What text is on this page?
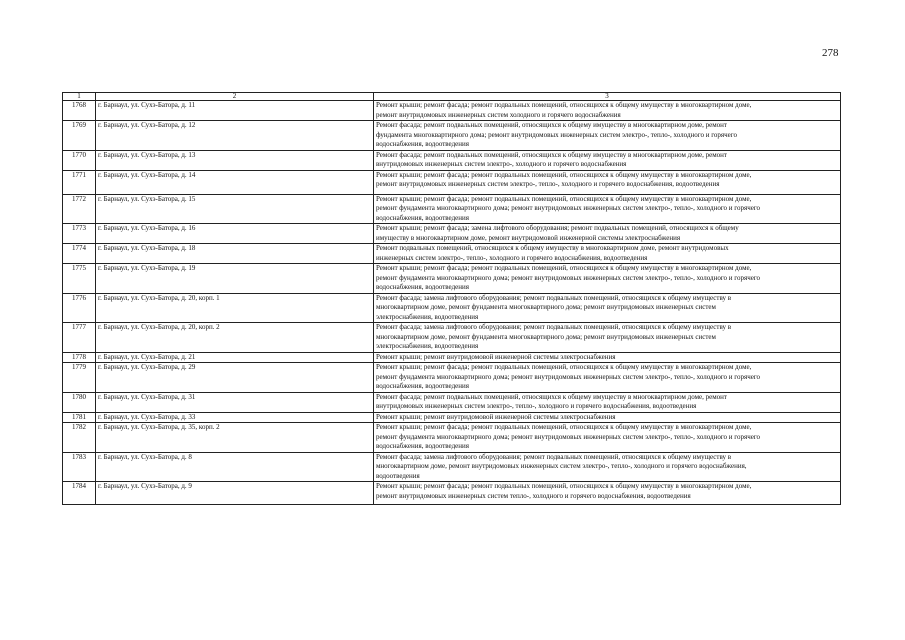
278
1	2	3
1768	г. Барнаул, ул. Сухэ-Батора, д. 11	Ремонт крыши; ремонт фасада; ремонт подвальных помещений, относящихся к общему имуществу в многоквартирном доме,
ремонт внутридомовых инженерных систем холодного и горячего водоснабжения

1769	г. Барнаул, ул. Сухэ-Батора, д. 12	Ремонт фасада; ремонт подвальных помещений, относящихся к общему имуществу в многоквартирном доме, ремонт
фундамента многоквартирного дома; ремонт внутридомовых инженерных систем электро-, тепло-, холодного и горячего
водоснабжения, водоотведения

1770	г. Барнаул, ул. Сухэ-Батора, д. 13	Ремонт фасада; ремонт подвальных помещений, относящихся к общему имуществу в многоквартирном доме, ремонт
внутридомовых инженерных систем электро-, холодного и горячего водоснабжения

1771	г. Барнаул, ул. Сухэ-Батора, д. 14	Ремонт крыши; ремонт фасада; ремонт подвальных помещений, относящихся к общему имуществу в многоквартирном доме,
ремонт внутридомовых инженерных систем электро-, тепло-, холодного и горячего водоснабжения, водоотведения

1772	г. Барнаул, ул. Сухэ-Батора, д. 15	Ремонт крыши; ремонт фасада; ремонт подвальных помещений, относящихся к общему имуществу в многоквартирном доме,
ремонт фундамента многоквартирного дома; ремонт внутридомовых инженерных систем электро-, тепло-, холодного и горячего
водоснабжения, водоотведения

1773	г. Барнаул, ул. Сухэ-Батора, д. 16	Ремонт крыши; ремонт фасада; замена лифтового оборудования; ремонт подвальных помещений, относящихся к общему
имуществу в многоквартирном доме, ремонт внутридомовой инженерной системы электроснабжения

1774	г. Барнаул, ул. Сухэ-Батора, д. 18	Ремонт подвальных помещений, относящихся к общему имуществу в многоквартирном доме, ремонт внутридомовых
инженерных систем электро-, тепло-, холодного и горячего водоснабжения, водоотведения

1775	г. Барнаул, ул. Сухэ-Батора, д. 19	Ремонт крыши; ремонт фасада; ремонт подвальных помещений, относящихся к общему имуществу в многоквартирном доме,
ремонт фундамента многоквартирного дома; ремонт внутридомовых инженерных систем электро-, тепло-, холодного и горячего
водоснабжения, водоотведения

1776	г. Барнаул, ул. Сухэ-Батора, д. 20, корп. 1	Ремонт фасада; замена лифтового оборудования; ремонт подвальных помещений, относящихся к общему имуществу в
многоквартирном доме, ремонт фундамента многоквартирного дома; ремонт внутридомовых инженерных систем
электроснабжения, водоотведения

1777	г. Барнаул, ул. Сухэ-Батора, д. 20, корп. 2	Ремонт фасада; замена лифтового оборудования; ремонт подвальных помещений, относящихся к общему имуществу в
многоквартирном доме, ремонт фундамента многоквартирного дома; ремонт внутридомовых инженерных систем
электроснабжения, водоотведения

1778	г. Барнаул, ул. Сухэ-Батора, д. 21	Ремонт крыши; ремонт внутридомовой инженерной системы электроснабжения

1779	г. Барнаул, ул. Сухэ-Батора, д. 29	Ремонт крыши; ремонт фасада; ремонт подвальных помещений, относящихся к общему имуществу в многоквартирном доме,
ремонт фундамента многоквартирного дома; ремонт внутридомовых инженерных систем электро-, тепло-, холодного и горячего
водоснабжения, водоотведения

1780	г. Барнаул, ул. Сухэ-Батора, д. 31	Ремонт фасада; ремонт подвальных помещений, относящихся к общему имуществу в многоквартирном доме, ремонт
внутридомовых инженерных систем электро-, тепло-, холодного и горячего водоснабжения, водоотведения

1781	г. Барнаул, ул. Сухэ-Батора, д. 33	Ремонт крыши; ремонт внутридомовой инженерной системы электроснабжения

1782	г. Барнаул, ул. Сухэ-Батора, д. 35, корп. 2	Ремонт крыши; ремонт фасада; ремонт подвальных помещений, относящихся к общему имуществу в многоквартирном доме,
ремонт фундамента многоквартирного дома; ремонт внутридомовых инженерных систем электро-, тепло-, холодного и горячего
водоснабжения, водоотведения

1783	г. Барнаул, ул. Сухэ-Батора, д. 8	Ремонт фасада; замена лифтового оборудования; ремонт подвальных помещений, относящихся к общему имуществу в
многоквартирном доме, ремонт внутридомовых инженерных систем электро-, тепло-, холодного и горячего водоснабжения,
водоотведения

1784	г. Барнаул, ул. Сухэ-Батора, д. 9	Ремонт крыши; ремонт фасада; ремонт подвальных помещений, относящихся к общему имуществу в многоквартирном доме,
ремонт внутридомовых инженерных систем тепло-, холодного и горячего водоснабжения, водоотведения
